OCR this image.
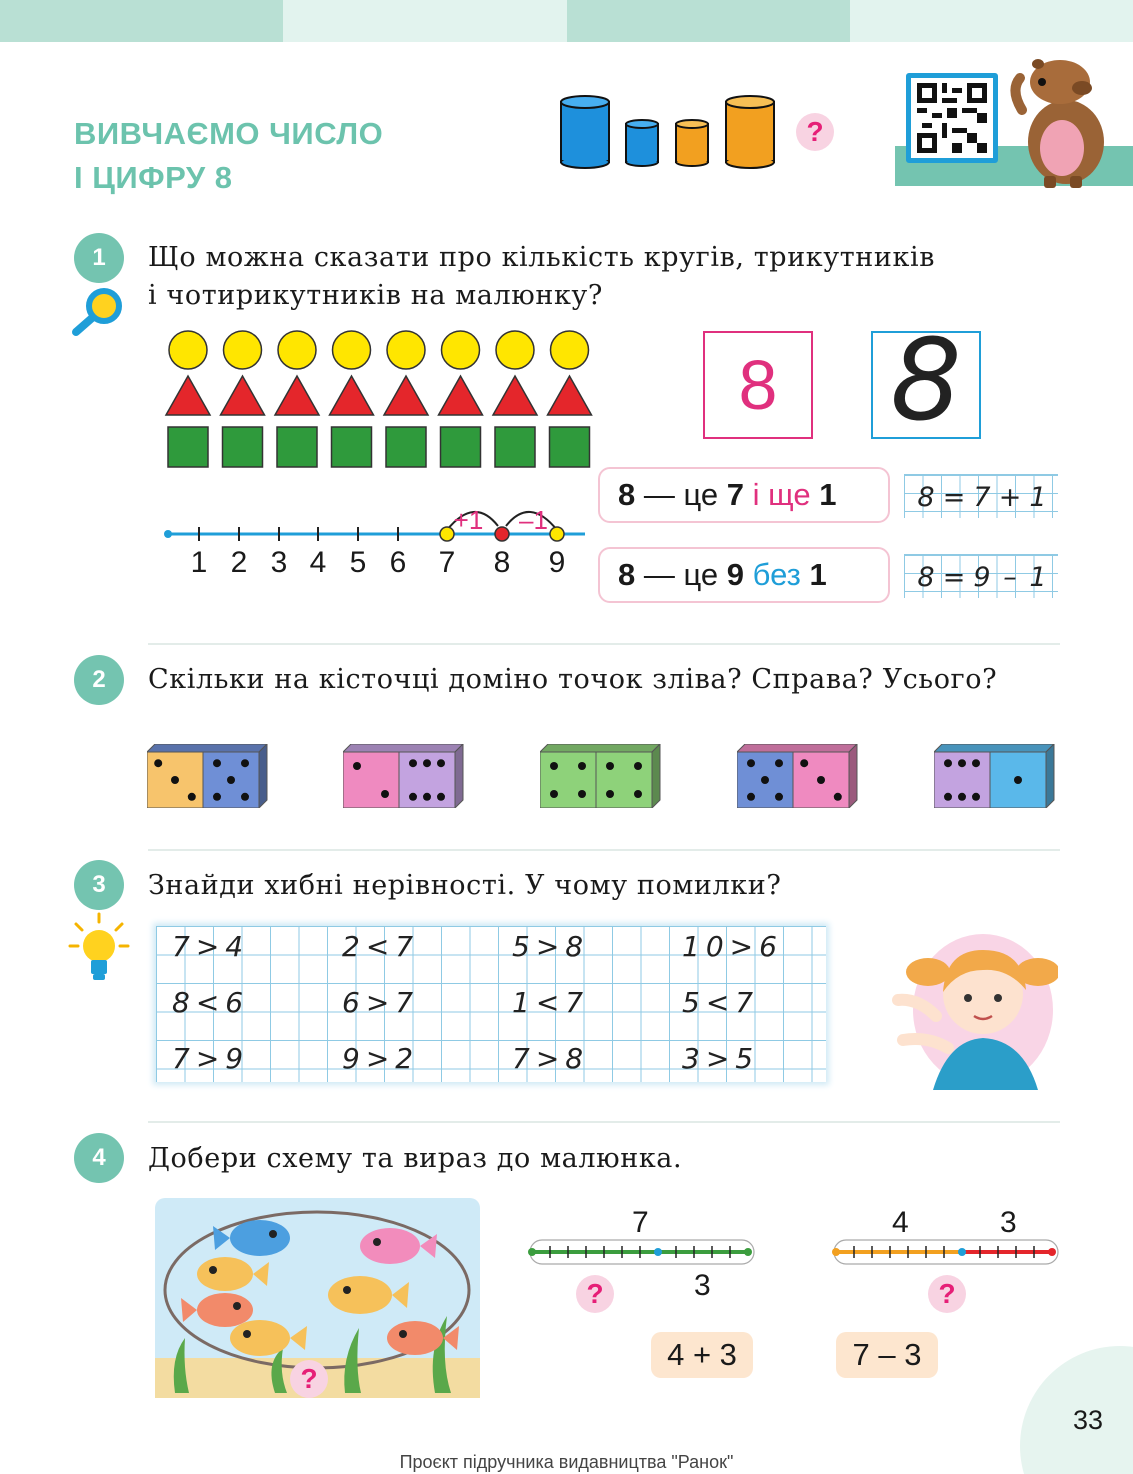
ВИВЧАЄМО ЧИСЛО
І ЦИФРУ 8
?
1	Що можна сказати про кількість кругів, трикутників
і чотирикутників на малюнку?
8	8
1 2 3 4 5 6 7 8 9
+1 –1
8 — це 7 і ще 1
8 — це 9 без 1
8 = 7 + 1
8 = 9 – 1
2	Скільки на кісточці доміно точок зліва? Справа? Усього?
3	Знайди хибні нерівності. У чому помилки?
7>4	2<7	5>8	10>6
8<6	6>7	1<7	5<7
7>9	9>2	7>8	3>5
4	Добери схему та вираз до малюнка.
?
7
3
?
4	3
?
4 + 3	7 – 3
33
Проєкт підручника видавництва "Ранок"
